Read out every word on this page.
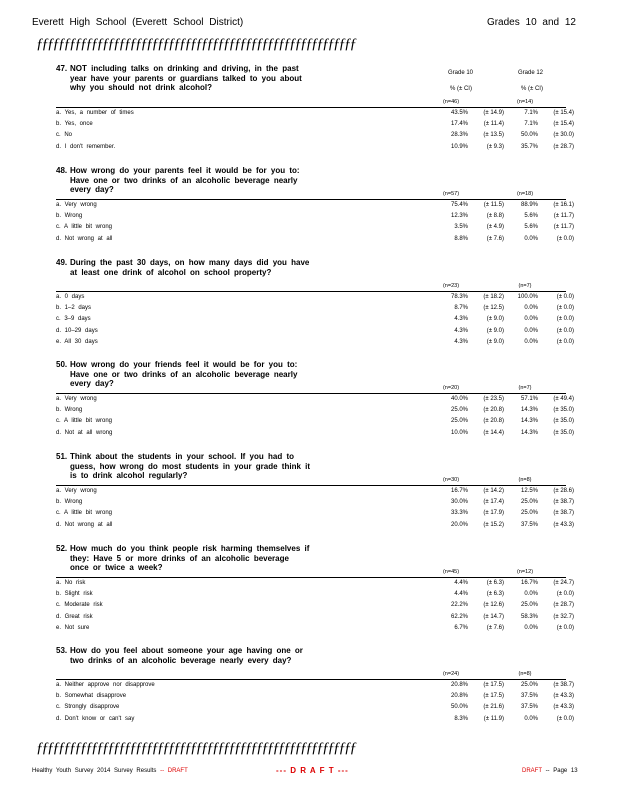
Everett High School (Everett School District)	Grades 10 and 12
ƒƒƒƒƒƒƒƒƒƒƒƒƒƒƒƒƒƒƒƒƒƒƒƒƒƒƒƒƒƒƒƒƒƒƒƒƒƒƒƒƒƒƒƒƒƒƒƒƒƒƒƒƒƒƒƒƒƒ
47. NOT including talks on drinking and driving, in the past year have your parents or guardians talked to you about why you should not drink alcohol?
Grade 10	Grade 12
% (± CI)	% (± CI)
(n=46)	(n=14)
a. Yes, a number of times	43.5%	(± 14.9)	7.1%	(± 15.4)
b. Yes, once	17.4%	(± 11.4)	7.1%	(± 15.4)
c. No	28.3%	(± 13.5)	50.0%	(± 30.0)
d. I don't remember.	10.9%	(± 9.3)	35.7%	(± 28.7)
48. How wrong do your parents feel it would be for you to: Have one or two drinks of an alcoholic beverage nearly every day?	(n=57)	(n=18)
a. Very wrong	75.4%	(± 11.5)	88.9%	(± 16.1)
b. Wrong	12.3%	(± 8.8)	5.6%	(± 11.7)
c. A little bit wrong	3.5%	(± 4.9)	5.6%	(± 11.7)
d. Not wrong at all	8.8%	(± 7.6)	0.0%	(± 0.0)
49. During the past 30 days, on how many days did you have at least one drink of alcohol on school property?
(n=23)	(n=7)
a. 0 days	78.3%	(± 18.2)	100.0%	(± 0.0)
b. 1–2 days	8.7%	(± 12.5)	0.0%	(± 0.0)
c. 3–9 days	4.3%	(± 9.0)	0.0%	(± 0.0)
d. 10–29 days	4.3%	(± 9.0)	0.0%	(± 0.0)
e. All 30 days	4.3%	(± 9.0)	0.0%	(± 0.0)
50. How wrong do your friends feel it would be for you to: Have one or two drinks of an alcoholic beverage nearly every day?	(n=20)	(n=7)
a. Very wrong	40.0%	(± 23.5)	57.1%	(± 49.4)
b. Wrong	25.0%	(± 20.8)	14.3%	(± 35.0)
c. A little bit wrong	25.0%	(± 20.8)	14.3%	(± 35.0)
d. Not at all wrong	10.0%	(± 14.4)	14.3%	(± 35.0)
51. Think about the students in your school. If you had to guess, how wrong do most students in your grade think it is to drink alcohol regularly?	(n=30)	(n=8)
a. Very wrong	16.7%	(± 14.2)	12.5%	(± 28.6)
b. Wrong	30.0%	(± 17.4)	25.0%	(± 38.7)
c. A little bit wrong	33.3%	(± 17.9)	25.0%	(± 38.7)
d. Not wrong at all	20.0%	(± 15.2)	37.5%	(± 43.3)
52. How much do you think people risk harming themselves if they: Have 5 or more drinks of an alcoholic beverage once or twice a week?	(n=45)	(n=12)
a. No risk	4.4%	(± 6.3)	16.7%	(± 24.7)
b. Slight risk	4.4%	(± 6.3)	0.0%	(± 0.0)
c. Moderate risk	22.2%	(± 12.6)	25.0%	(± 28.7)
d. Great risk	62.2%	(± 14.7)	58.3%	(± 32.7)
e. Not sure	6.7%	(± 7.6)	0.0%	(± 0.0)
53. How do you feel about someone your age having one or two drinks of an alcoholic beverage nearly every day?
(n=24)	(n=8)
a. Neither approve nor disapprove	20.8%	(± 17.5)	25.0%	(± 38.7)
b. Somewhat disapprove	20.8%	(± 17.5)	37.5%	(± 43.3)
c. Strongly disapprove	50.0%	(± 21.6)	37.5%	(± 43.3)
d. Don't know or can't say	8.3%	(± 11.9)	0.0%	(± 0.0)
ƒƒƒƒƒƒƒƒƒƒƒƒƒƒƒƒƒƒƒƒƒƒƒƒƒƒƒƒƒƒƒƒƒƒƒƒƒƒƒƒƒƒƒƒƒƒƒƒƒƒƒƒƒƒƒƒƒƒ
Healthy Youth Survey 2014 Survey Results -- DRAFT	--- D R A F T ---	DRAFT -- Page 13
